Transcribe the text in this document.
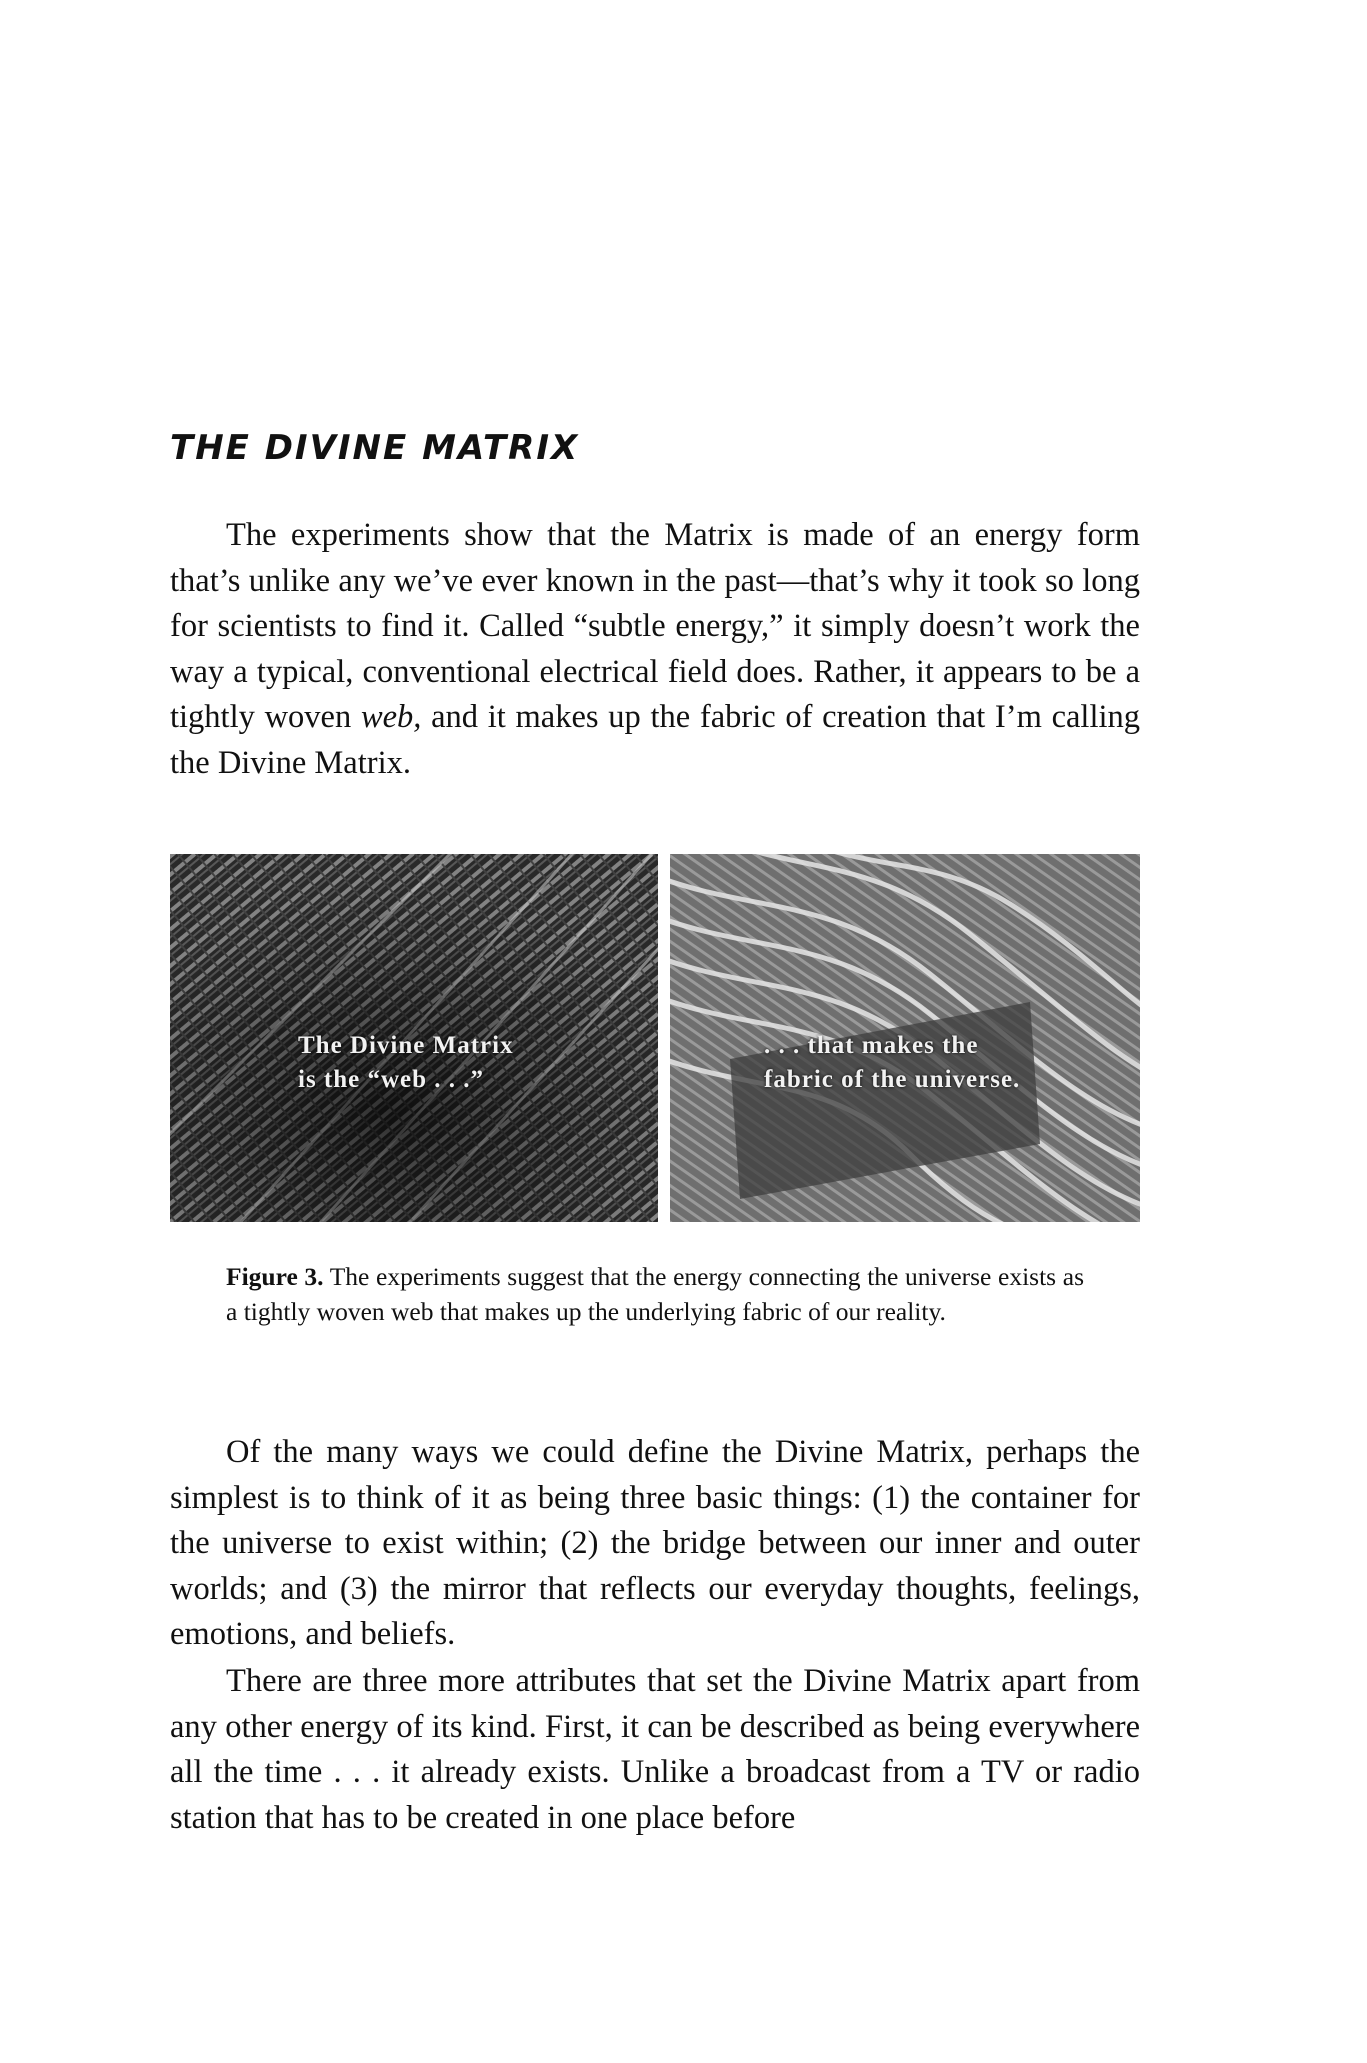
THE DIVINE MATRIX

The experiments show that the Matrix is made of an energy form that’s unlike any we’ve ever known in the past—that’s why it took so long for scientists to find it. Called “subtle energy,” it simply doesn’t work the way a typical, conventional electrical field does. Rather, it appears to be a tightly woven web, and it makes up the fabric of creation that I’m calling the Divine Matrix.

The Divine Matrix
is the “web . . .”
. . . that makes the
fabric of the universe.

Figure 3. The experiments suggest that the energy connecting the universe exists as a tightly woven web that makes up the underlying fabric of our reality.

Of the many ways we could define the Divine Matrix, perhaps the simplest is to think of it as being three basic things: (1) the container for the universe to exist within; (2) the bridge between our inner and outer worlds; and (3) the mirror that reflects our everyday thoughts, feelings, emotions, and beliefs.

There are three more attributes that set the Divine Matrix apart from any other energy of its kind. First, it can be described as being everywhere all the time . . . it already exists. Unlike a broadcast from a TV or radio station that has to be created in one place before
